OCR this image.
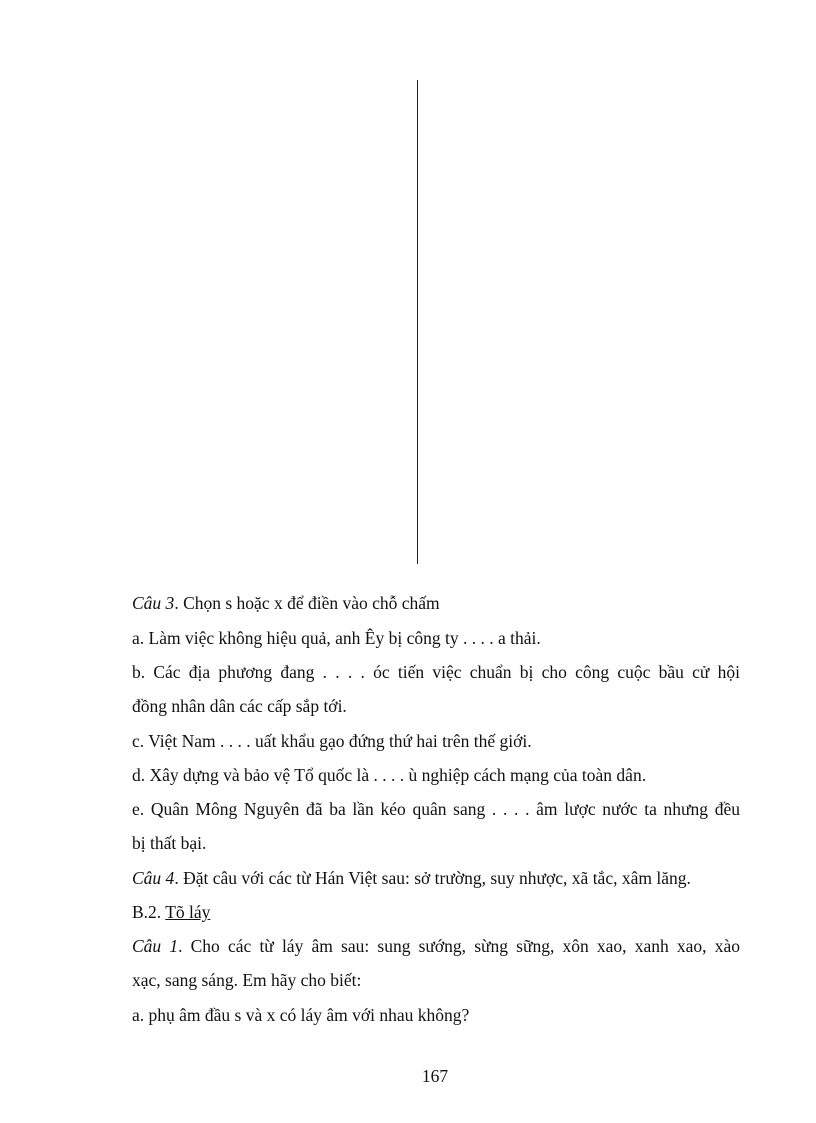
Câu 3. Chọn s hoặc x để điền vào chỗ chấm
a. Làm việc không hiệu quả, anh Êy bị công ty . . . . a thải.
b. Các địa phương đang . . . . óc tiến việc chuẩn bị cho công cuộc bầu cử hội
đồng nhân dân các cấp sắp tới.
c. Việt Nam . . . . uất khẩu gạo đứng thứ hai trên thế giới.
d. Xây dựng và bảo vệ Tổ quốc là . . . . ù nghiệp cách mạng của toàn dân.
e. Quân Mông Nguyên đã ba lần kéo quân sang . . . . âm lược nước ta nhưng đều
bị thất bại.
Câu 4. Đặt câu với các từ Hán Việt sau: sở trường, suy nhược, xã tắc, xâm lăng.
B.2. Tõ láy
Câu 1. Cho các từ láy âm sau: sung sướng, sừng sững, xôn xao, xanh xao, xào
xạc, sang sáng. Em hãy cho biết:
a. phụ âm đầu s và x có láy âm với nhau không?
167
